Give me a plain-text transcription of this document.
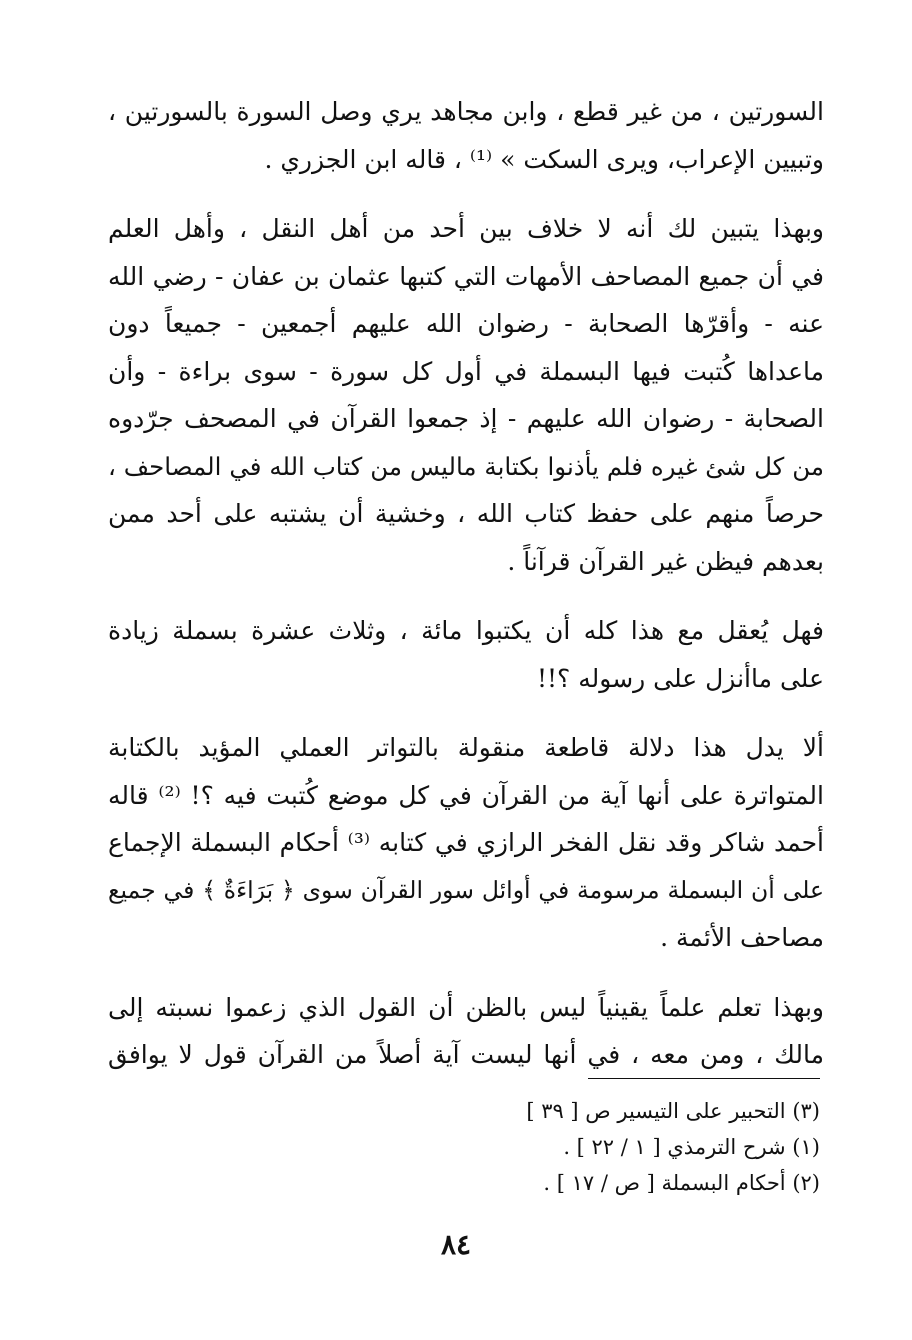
السورتين ، من غير قطع ، وابن مجاهد يري وصل السورة بالسورتين ،
وتبيين الإعراب، ويرى السكت » ⁽¹⁾ ، قاله ابن الجزري .
وبهذا يتبين لك أنه لا خلاف بين أحد من أهل النقل ، وأهل العلم
في أن جميع المصاحف الأمهات التي كتبها عثمان بن عفان - رضي الله
عنه - وأقرّها الصحابة - رضوان الله عليهم أجمعين - جميعاً دون
ماعداها كُتبت فيها البسملة في أول كل سورة - سوى براءة - وأن
الصحابة - رضوان الله عليهم - إذ جمعوا القرآن في المصحف جرّدوه
من كل شئ غيره فلم يأذنوا بكتابة ماليس من كتاب الله في المصاحف ،
حرصاً منهم على حفظ كتاب الله ، وخشية أن يشتبه على أحد ممن
بعدهم فيظن غير القرآن قرآناً .
فهل يُعقل مع هذا كله أن يكتبوا مائة ، وثلاث عشرة بسملة زيادة
على ماأنزل على رسوله ؟!!
ألا يدل هذا دلالة قاطعة منقولة بالتواتر العملي المؤيد بالكتابة
المتواترة على أنها آية من القرآن في كل موضع كُتبت فيه ؟! ⁽²⁾ قاله
أحمد شاكر وقد نقل الفخر الرازي في كتابه ⁽³⁾ أحكام البسملة الإجماع
على أن البسملة مرسومة في أوائل سور القرآن سوى ﴿ بَرَاءَةٌ ﴾ في جميع
مصاحف الأئمة .
وبهذا تعلم علماً يقينياً ليس بالظن أن القول الذي زعموا نسبته إلى
مالك ، ومن معه ، في أنها ليست آية أصلاً من القرآن قول لا يوافق
(٣) التحبير على التيسير ص [ ٣٩ ]
(١) شرح الترمذي [ ١ / ٢٢ ] .
(٢) أحكام البسملة [ ص / ١٧ ] .
٨٤
